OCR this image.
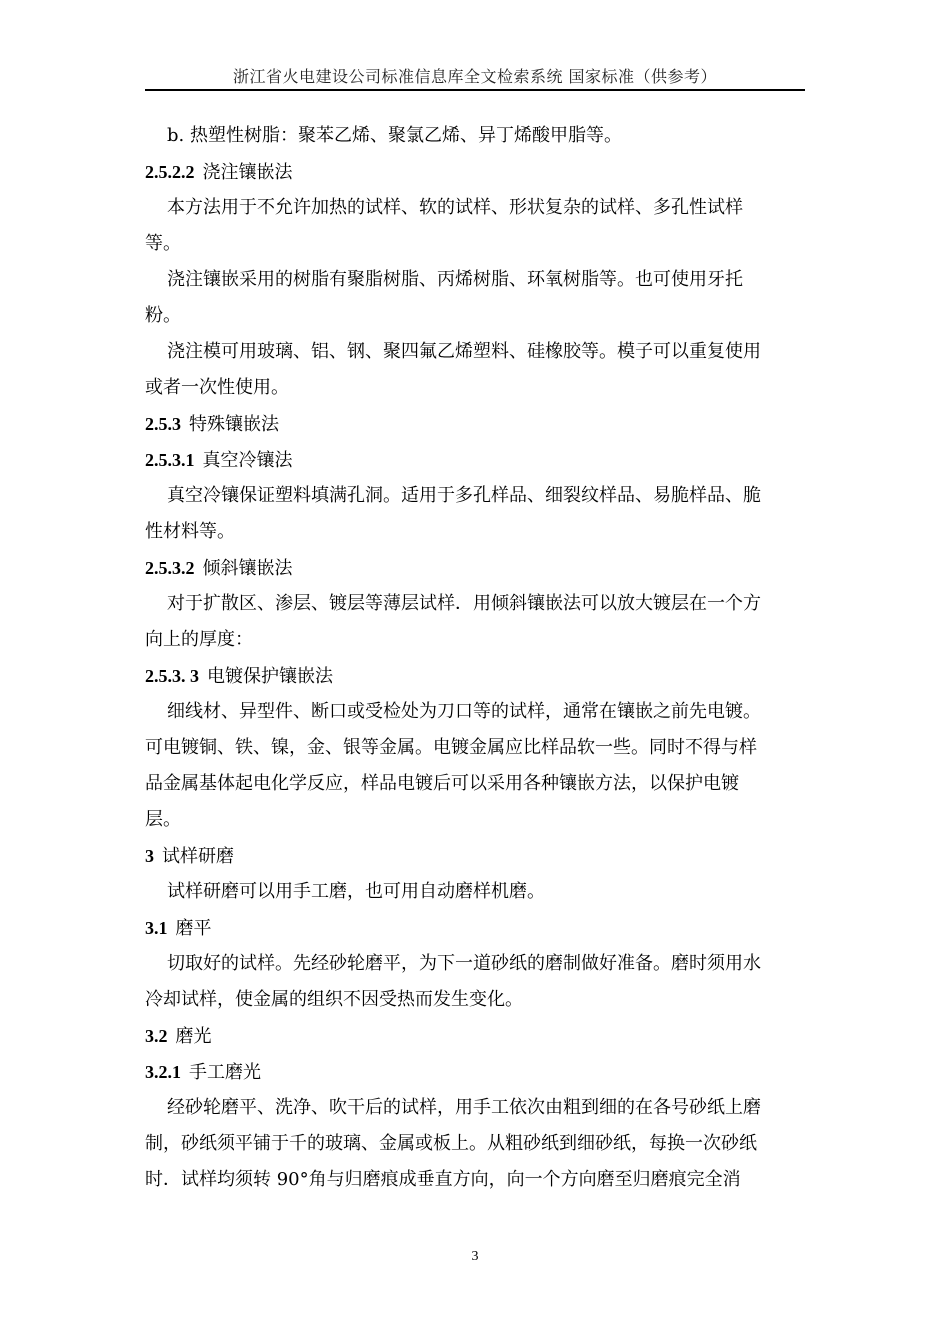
浙江省火电建设公司标准信息库全文检索系统 国家标准（供参考）
b. 热塑性树脂：聚苯乙烯、聚氯乙烯、异丁烯酸甲脂等。
2.5.2.2 浇注镶嵌法
本方法用于不允许加热的试样、软的试样、形状复杂的试样、多孔性试样
等。
浇注镶嵌采用的树脂有聚脂树脂、丙烯树脂、环氧树脂等。也可使用牙托
粉。
浇注模可用玻璃、铝、钢、聚四氟乙烯塑料、硅橡胶等。模子可以重复使用
或者一次性使用。
2.5.3 特殊镶嵌法
2.5.3.1 真空冷镶法
真空冷镶保证塑料填满孔洞。适用于多孔样品、细裂纹样品、易脆样品、脆
性材料等。
2.5.3.2 倾斜镶嵌法
对于扩散区、渗层、镀层等薄层试样．用倾斜镶嵌法可以放大镀层在一个方
向上的厚度：
2.5.3. 3 电镀保护镶嵌法
细线材、异型件、断口或受检处为刀口等的试样，通常在镶嵌之前先电镀。
可电镀铜、铁、镍，金、银等金属。电镀金属应比样品软一些。同时不得与样
品金属基体起电化学反应，样品电镀后可以采用各种镶嵌方法，以保护电镀
层。
3 试样研磨
试样研磨可以用手工磨，也可用自动磨样机磨。
3.1 磨平
切取好的试样。先经砂轮磨平，为下一道砂纸的磨制做好准备。磨时须用水
冷却试样，使金属的组织不因受热而发生变化。
3.2 磨光
3.2.1 手工磨光
经砂轮磨平、洗净、吹干后的试样，用手工依次由粗到细的在各号砂纸上磨
制，砂纸须平铺于千的玻璃、金属或板上。从粗砂纸到细砂纸，每换一次砂纸
时．试样均须转 90°角与归磨痕成垂直方向，向一个方向磨至归磨痕完全消
3
